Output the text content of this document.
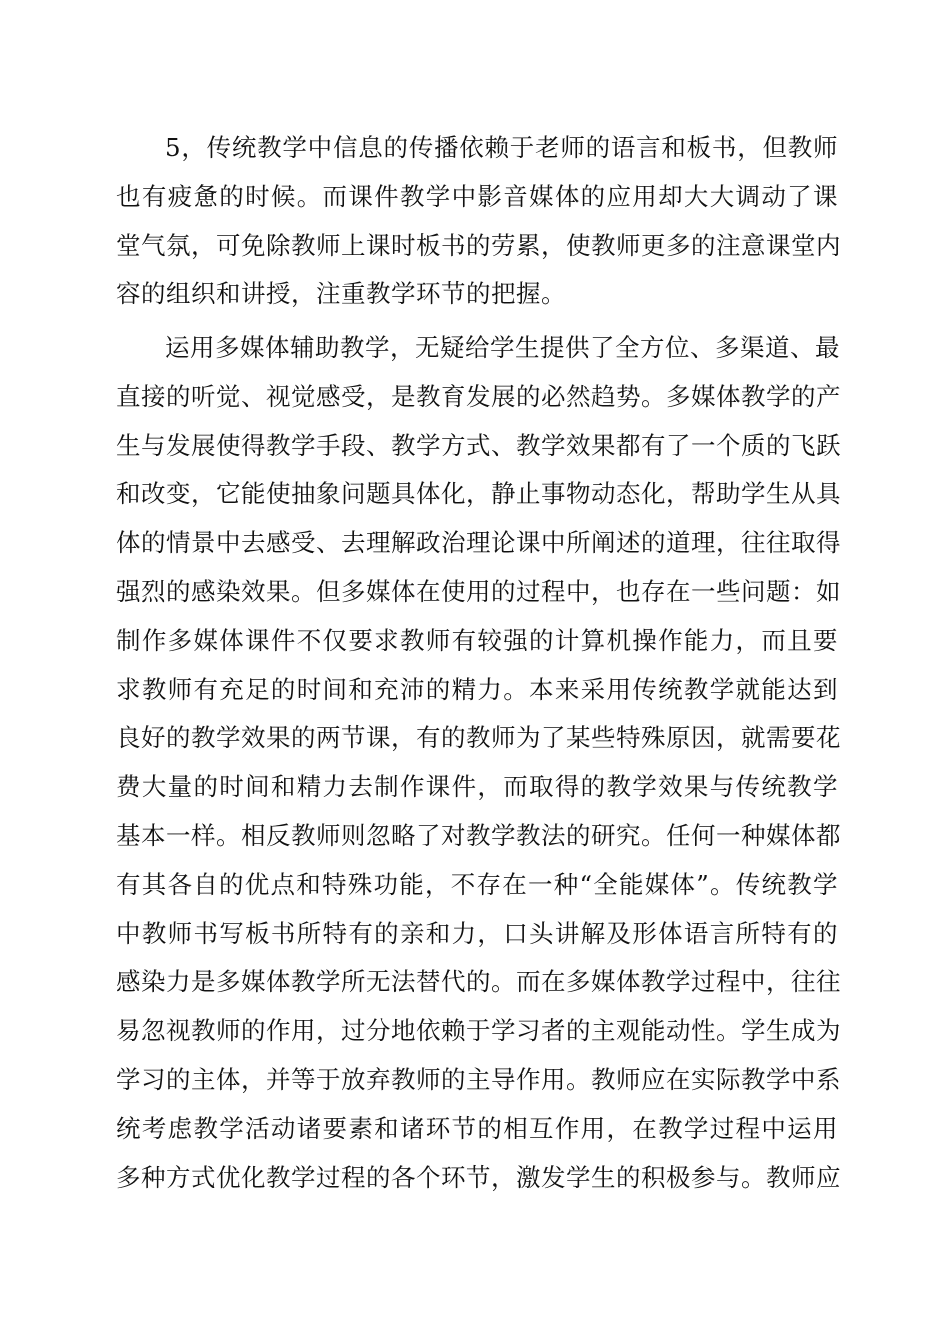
5，传统教学中信息的传播依赖于老师的语言和板书，但教师
也有疲惫的时候。而课件教学中影音媒体的应用却大大调动了课
堂气氛，可免除教师上课时板书的劳累，使教师更多的注意课堂内
容的组织和讲授，注重教学环节的把握。
运用多媒体辅助教学，无疑给学生提供了全方位、多渠道、最
直接的听觉、视觉感受，是教育发展的必然趋势。多媒体教学的产
生与发展使得教学手段、教学方式、教学效果都有了一个质的飞跃
和改变，它能使抽象问题具体化，静止事物动态化，帮助学生从具
体的情景中去感受、去理解政治理论课中所阐述的道理，往往取得
强烈的感染效果。但多媒体在使用的过程中，也存在一些问题：如
制作多媒体课件不仅要求教师有较强的计算机操作能力，而且要
求教师有充足的时间和充沛的精力。本来采用传统教学就能达到
良好的教学效果的两节课，有的教师为了某些特殊原因，就需要花
费大量的时间和精力去制作课件，而取得的教学效果与传统教学
基本一样。相反教师则忽略了对教学教法的研究。任何一种媒体都
有其各自的优点和特殊功能，不存在一种“全能媒体”。传统教学
中教师书写板书所特有的亲和力，口头讲解及形体语言所特有的
感染力是多媒体教学所无法替代的。而在多媒体教学过程中，往往
易忽视教师的作用，过分地依赖于学习者的主观能动性。学生成为
学习的主体，并等于放弃教师的主导作用。教师应在实际教学中系
统考虑教学活动诸要素和诸环节的相互作用，在教学过程中运用
多种方式优化教学过程的各个环节，激发学生的积极参与。教师应
